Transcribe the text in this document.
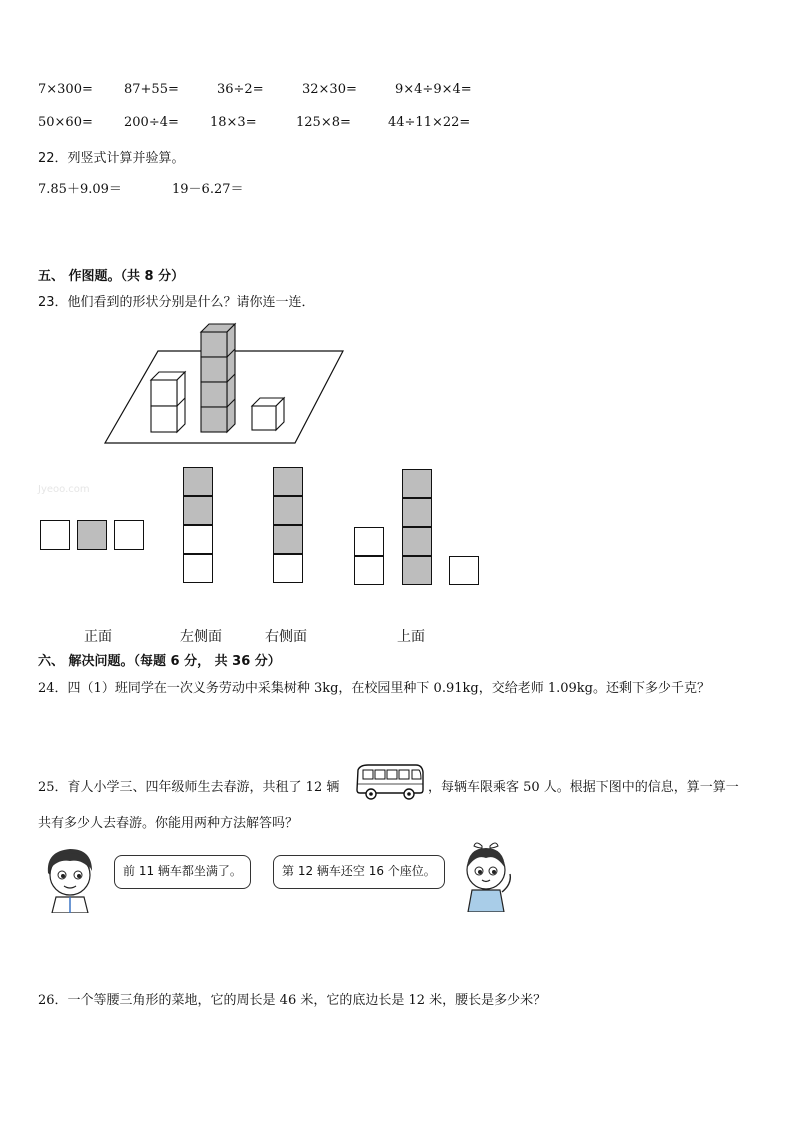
7×300= 87+55=	36÷2=	32×30=	9×4÷9×4=
50×60= 200÷4= 18×3=	125×8=	44÷11×22=
22．列竖式计算并验算。
7.85＋9.09＝	19－6.27＝
五、 作图题。（共 8 分）
23．他们看到的形状分别是什么？请你连一连．
Jyeoo.com
正面	左侧面	右侧面	上面
六、 解决问题。（每题 6 分， 共 36 分）
24．四（1）班同学在一次义务劳动中采集树种 3kg，在校园里种下 0.91kg，交给老师 1.09kg。还剩下多少千克？
25．育人小学三、四年级师生去春游，共租了 12 辆	，每辆车限乘客 50 人。根据下图中的信息，算一算一
共有多少人去春游。你能用两种方法解答吗？
前 11 辆车都坐满了。	第 12 辆车还空 16 个座位。
26．一个等腰三角形的菜地，它的周长是 46 米，它的底边长是 12 米，腰长是多少米？
